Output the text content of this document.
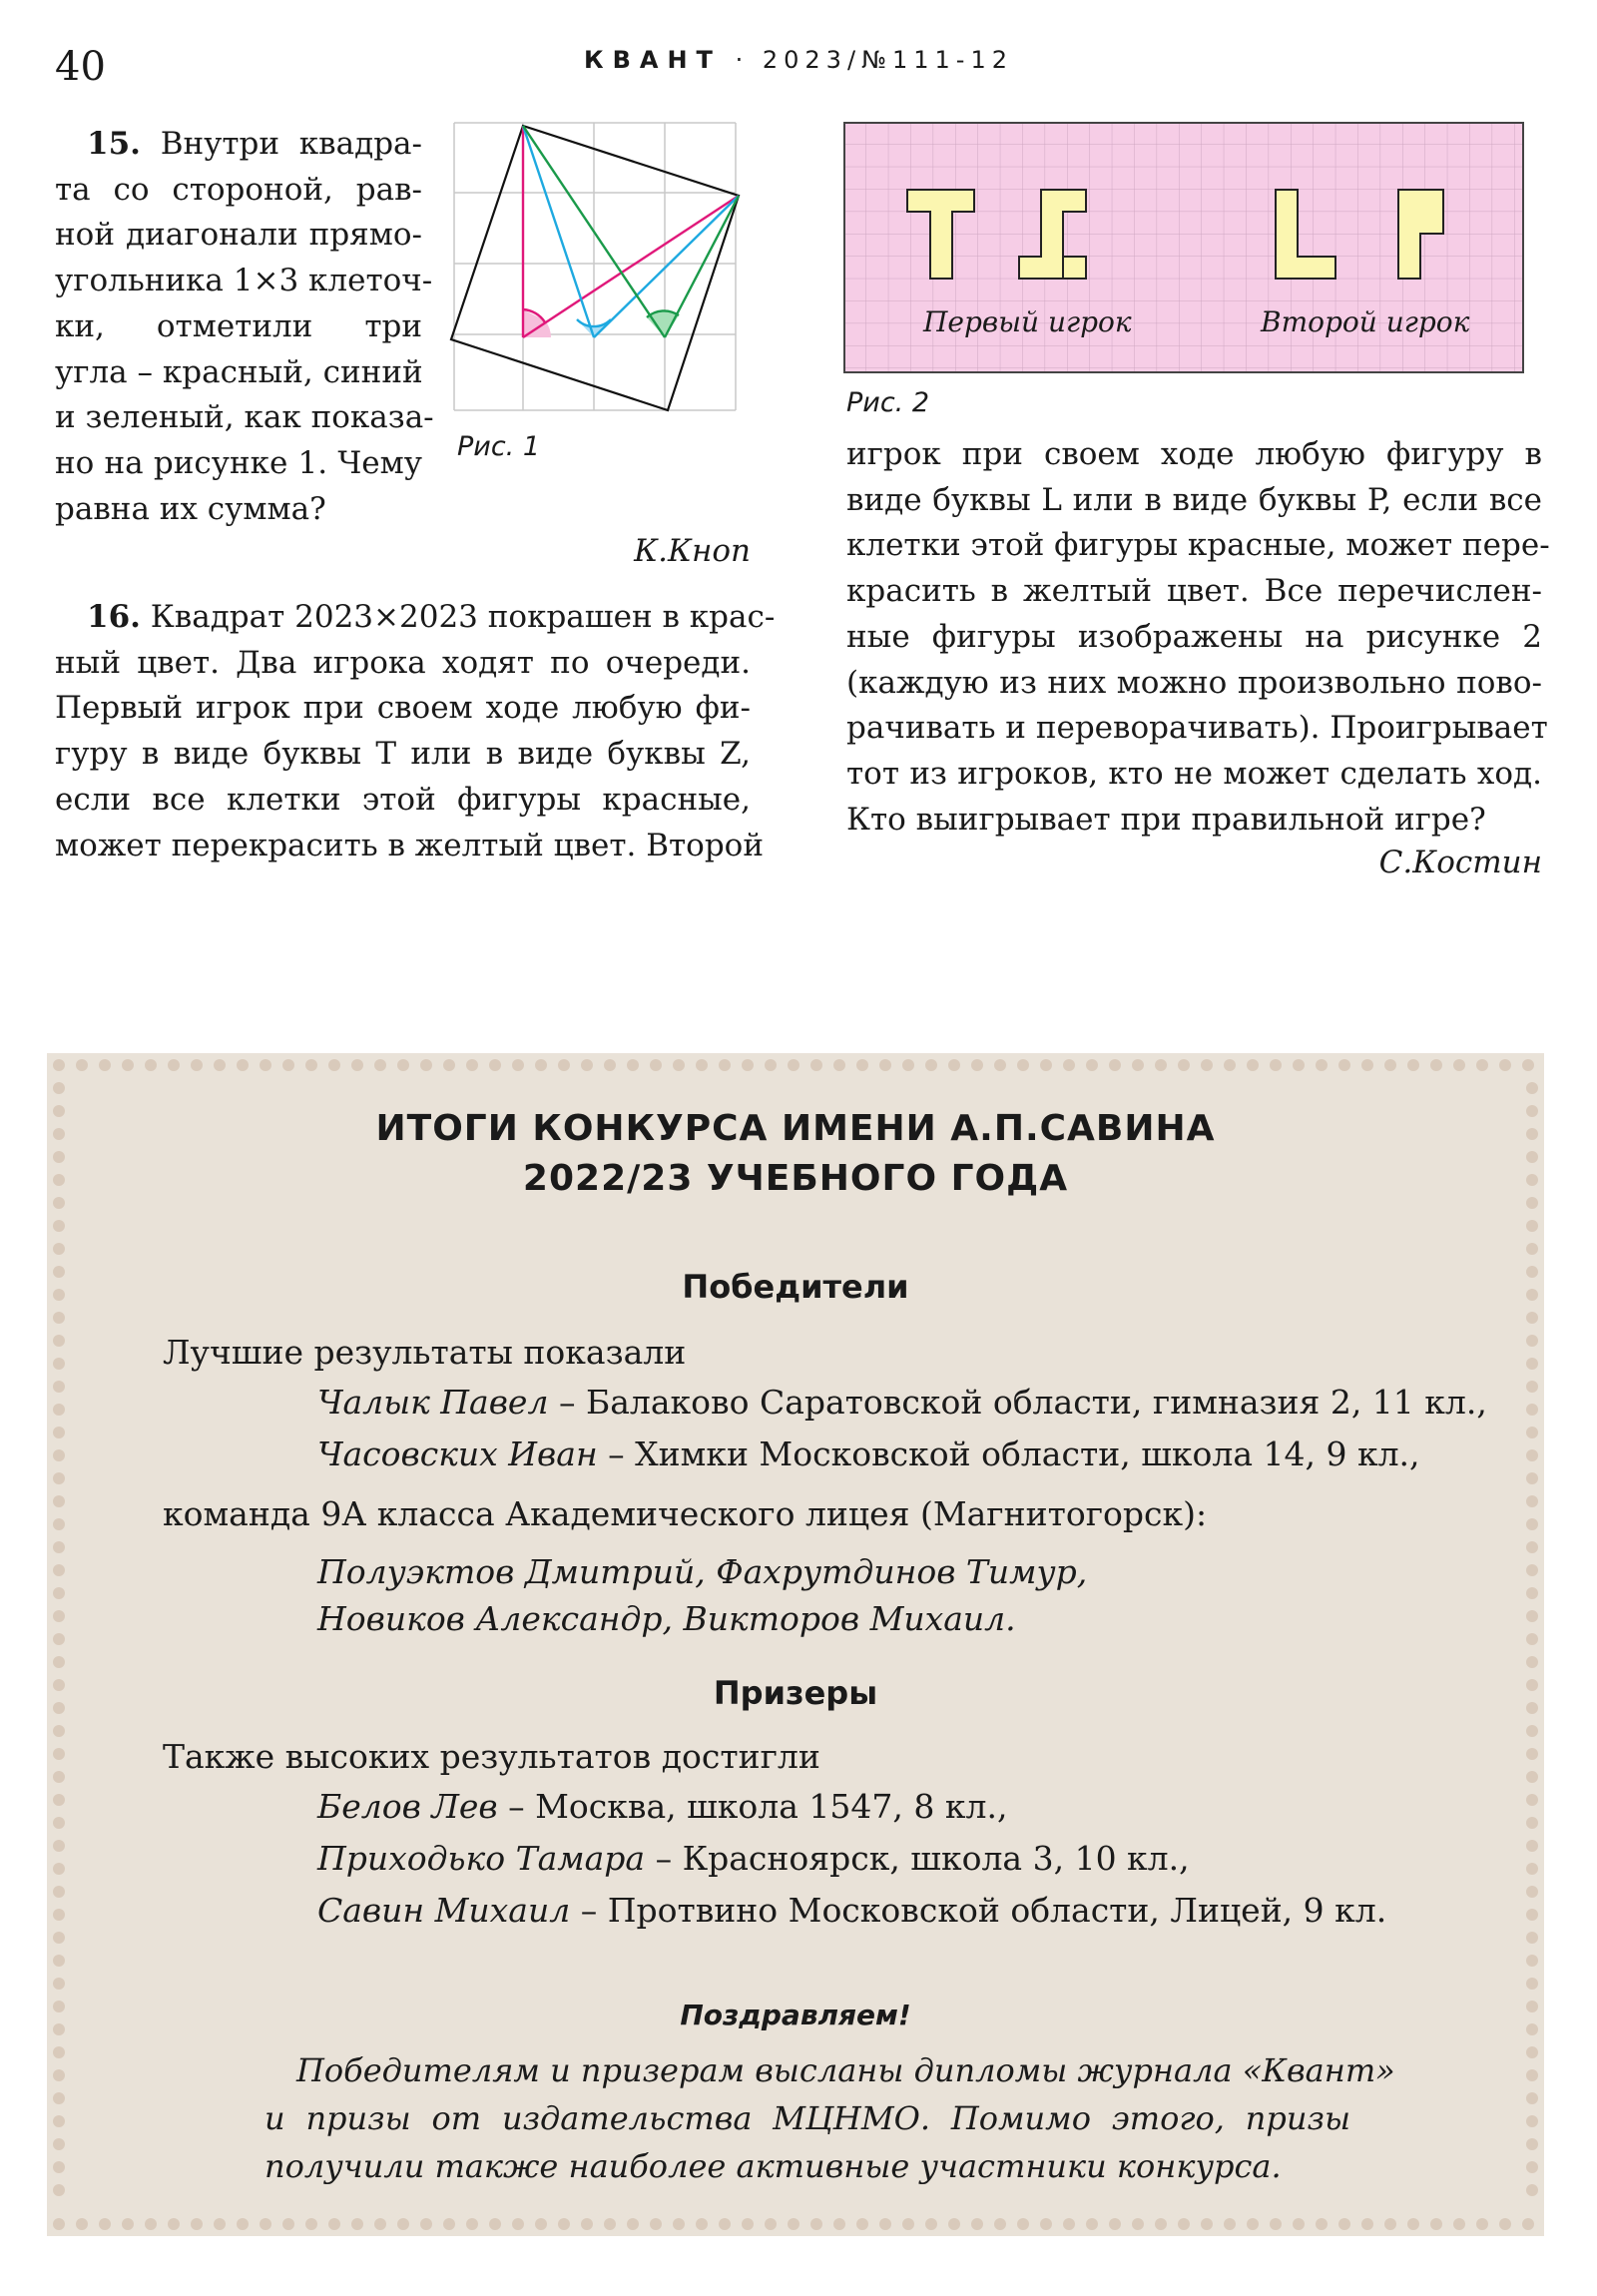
40	КВАНТ · 2023/№111-12
15. Внутри квадра-
та со стороной, рав-
ной диагонали прямо-
угольника 1×3 клеточ-
ки, отметили три
угла – красный, синий
и зеленый, как показа-
но на рисунке 1. Чему
равна их сумма?
Рис. 1
К.Кноп
16. Квадрат 2023×2023 покрашен в крас-
ный цвет. Два игрока ходят по очереди.
Первый игрок при своем ходе любую фи-
гуру в виде буквы T или в виде буквы Z,
если все клетки этой фигуры красные,
может перекрасить в желтый цвет. Второй
Первый игрок	Второй игрок
Рис. 2
игрок при своем ходе любую фигуру в
виде буквы L или в виде буквы P, если все
клетки этой фигуры красные, может пере-
красить в желтый цвет. Все перечислен-
ные фигуры изображены на рисунке 2
(каждую из них можно произвольно пово-
рачивать и переворачивать). Проигрывает
тот из игроков, кто не может сделать ход.
Кто выигрывает при правильной игре?
С.Костин
ИТОГИ КОНКУРСА ИМЕНИ А.П.САВИНА
2022/23 УЧЕБНОГО ГОДА
Победители
Лучшие результаты показали
Чалык Павел – Балаково Саратовской области, гимназия 2, 11 кл.,
Часовских Иван – Химки Московской области, школа 14, 9 кл.,
команда 9А класса Академического лицея (Магнитогорск):
Полуэктов Дмитрий, Фахрутдинов Тимур,
Новиков Александр, Викторов Михаил.
Призеры
Также высоких результатов достигли
Белов Лев – Москва, школа 1547, 8 кл.,
Приходько Тамара – Красноярск, школа 3, 10 кл.,
Савин Михаил – Протвино Московской области, Лицей, 9 кл.
Поздравляем!
Победителям и призерам высланы дипломы журнала «Квант»
и призы от издательства МЦНМО. Помимо этого, призы
получили также наиболее активные участники конкурса.
